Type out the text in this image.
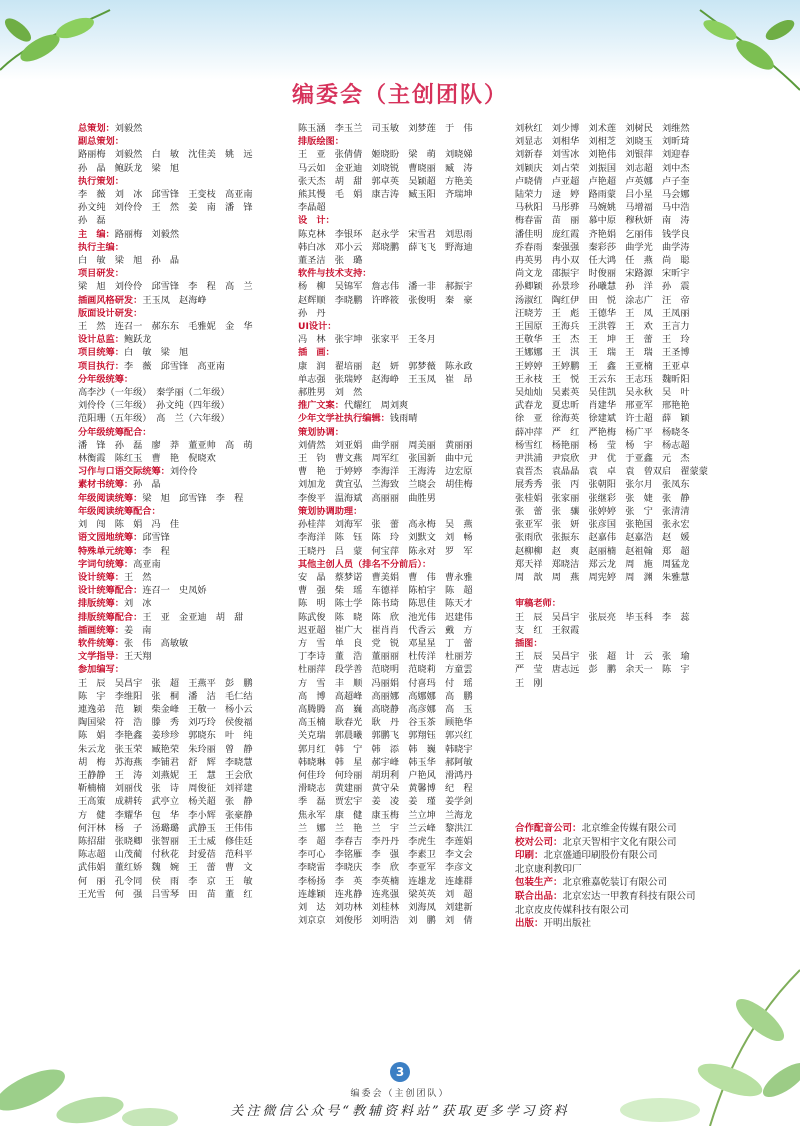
编委会（主创团队）
总策划：刘毅然
副总策划：
路丽梅　刘毅然　白　敏　沈佳美　姚　远
孙　晶　鲍跃龙　梁　旭
执行策划：
李　薇　刘　冰　邱雪锋　王变枝　高亚南
孙文纯　刘伶伶　王　然　姜　南　潘　锋
孙　磊
主　编：路丽梅　刘毅然
执行主编：
白　敏　梁　旭　孙　晶
项目研发：
梁　旭　刘伶伶　邱雪锋　李　程　高　兰
插画风格研发：王玉凤　赵海峥
版面设计研发：
王　然　连召一　郝东东　毛雅妮　金　华
设计总监：鲍跃龙
项目统筹：白　敏　梁　旭
项目执行：李　薇　邱雪锋　高亚南
分年级统筹：
高李沙（一年级）　秦学丽（二年级）
刘伶伶（三年级）　孙文纯（四年级）
范阳珊（五年级）　高　兰（六年级）
分年级统筹配合：
潘　锋　孙　磊　廖　莽　董亚帅　高　萌
林衡霞　陈红玉　曹　艳　倪晓欢
习作与口语交际统筹：刘伶伶
素材书统筹：孙　晶
年级阅读统筹：梁　旭　邱雪锋　李　程
年级阅读统筹配合：
刘　闯　陈　娟　冯　佳
语文园地统筹：邱雪锋
特殊单元统筹：李　程
字词句统筹：高亚南
设计统筹：王　然
设计统筹配合：连召一　史凤娇
排版统筹：刘　冰
排版统筹配合：王　亚　金亚迪　胡　甜
插画统筹：姜　南
软件统筹：张　伟　高敏敏
文学指导：王天翔
参加编写：
王　辰　吴昌宇　张　超　王燕平　彭　鹏
陈　宇　李维阳　张　桐　潘　洁　毛仁结
連逸弟　范　颖　柴金峰　王敬一　杨小云
陶国梁　符　浩　滕　秀　刘巧玲　侯俊福
陈　娟　李艳鑫　姜珍珍　郭晓东　叶　纯
朱云龙　张玉荣　臧艳荣　朱玲丽　曾　静
胡　梅　苏海燕　李铺君　舒　辉　李晓慧
王静静　王　涛　刘燕妮　王　慧　王会欣
靳楠楠　刘丽伐　张　诗　周俊征　刘祥建
王高策　成耕转　武亭立　杨关超　张　静
方　健　李耀华　包　华　李小辉　张豪静
何汗林　杨　子　汤璐璐　武静玉　王伟伟
陈招甜　张晓卿　张智丽　王士威　修佳廷
陈志超　山茂蔺　付秋花　封爱蓓　范科平
武伟娟　董红娇　魏　婉　王　蕾　曹　文
何　丽　孔令同　侯　雨　李　京　王　敏
王光雪　何　强　吕雪琴　田　苗　董　红
陈玉涵　李玉兰　司玉敏　刘梦莲　于　伟
排版绘图：
王　亚　张倩倩　姬晓盼　梁　萌　刘晓娣
马云如　金亚迪　刘晓锐　曹晓丽　臧　涛
张天杰　胡　甜　郭卓英　吴颖超　方艳美
熊其慢　毛　娟　康吉涛　臧玉阳　齐瑞坤
李晶超
设　计：
陈克林　李银环　赵永学　宋雪君　刘思雨
韩白冰　邓小云　郑晓鹏　薛飞飞　野海迪
董圣洁　张　璐
软件与技术支持：
杨　柳　吴锦军　詹志伟　潘一非　郝振宇
赵辉顺　李晓鹏　许晔筱　张俊明　秦　豪
孙　丹
UI设计：
冯　林　张宇坤　张家平　王冬月
插　画：
康　润　翟培丽　赵　妍　郭梦薇　陈永政
单志强　张瑞婷　赵海峥　王玉凤　崔　昂
郝胜男　刘　然
推广文案：代耀红　周刘爽
少年文学社执行编辑：钱雨晴
策划协调：
刘倩然　刘亚娟　曲学丽　周美丽　黄丽丽
王　钧　曹文燕　周军红　张国新　曲中元
曹　艳　于婷婷　李海洋　王海涛　边宏原
刘加龙　黄宜弘　兰海致　兰晓会　胡佳梅
李俊平　温海斌　高丽丽　曲胜男
策划协调助理：
孙桂萍　刘海军　张　蕾　高永梅　吴　燕
李海洋　陈　钰　陈　玲　刘默文　刘　畅
王晓丹　吕　蒙　何宝萍　陈永对　罗　军
其他主创人员（排名不分前后）：
安　晶　蔡梦诺　曹美娟　曹　伟　曹永雅
曹　强　柴　瑶　车德祥　陈柏宇　陈　超
陈　明　陈士学　陈书琦　陈思佳　陈天才
陈武俊　陈　晓　陈　欣　池光伟　迟建伟
迟亚超　崔广大　崔肖肖　代香云　戴　方
方　雪　单　良　党　锐　邓星星　丁　蕾
丁李诗　董　浩　董丽丽　杜传洋　杜丽芳
杜丽萍　段学善　范晓明　范晓莉　方童雲
方　雪　丰　顺　冯丽娟　付喜玛　付　瑶
高　博　高超峰　高丽娜　高娜娜　高　鹏
高腾腾　高　巍　高晓静　高彦娜　高　玉
高玉楠　耿春光　耿　丹　谷玉茶　顾艳华
关克瑞　郭晨曦　郭鹏飞　郭翔钰　郭兴红
郭月红　韩　宁　韩　添　韩　巍　韩晓宇
韩晓琳　韩　星　郝宇峰　韩玉华　郝阿敏
何佳玲　何玲丽　胡玥利　户艳风　滑鸿丹
滑晓志　黄建丽　黄守朵　黄馨博　纪　程
季　磊　贾宏宇　姜　凌　姜　瑾　姜学剑
焦永军　康　健　康玉梅　兰立坤　兰海龙
兰　娜　兰　艳　兰　宇　兰云峰　黎洪江
李　超　李春吉　李丹丹　李虎生　李莲娟
李可心　李铭雁　李　强　李素卫　李文会
李晓雷　李晓庆　李　欣　李亚军　李彦文
李杨扬　李　英　李英楠　连雄龙　连雄群
连雄颖　连兆静　连兆强　梁英英　刘　超
刘　达　刘功林　刘桂林　刘海凤　刘建新
刘京京　刘俊彤　刘明浩　刘　鹏　刘　倩
刘秋红　刘少博　刘术莲　刘树民　刘维然
刘显志　刘相华　刘相芝　刘晓玉　刘昕琦
刘新春　刘雪冰　刘艳伟　刘银萍　刘迎春
刘颖庆　刘占荣　刘振国　刘志超　刘中杰
卢晓倩　卢亚超　卢艳超　卢英娜　卢子奎
陆荣力　逯　婷　路雨蒙　吕小星　马会娜
马秋阳　马彤骅　马婉姚　马增福　马中浩
梅春雷　苗　丽　慕中原　穆秋妍　南　涛
潘佳明　庞红霞　齐艳娟　乞丽伟　钱学良
乔春雨　秦强强　秦彩莎　曲学光　曲学涛
冉英男　冉小双　任大鸿　任　燕　尚　聪
尚文龙　邵振宇　时俊丽　宋路源　宋昕宇
孙卿颖　孙景珍　孙曦慧　孙　洋　孙　震
汤淑红　陶红伊　田　悦　涂志广　汪　帝
汪晓芳　王　彪　王德华　王　凤　王凤丽
王国原　王海兵　王洪蓉　王　欢　王言力
王敬华　王　杰　王　坤　王　蕾　王　玲
王娜娜　王　淇　王　瑞　王　瑞　王圣博
王婷婷　王婷鹏　王　鑫　王亚楠　王亚卓
王永枝　王　悦　王云东　王志珏　魏昕阳
吴灿灿　吴素英　吴佳凯　吴永秋　吴　叶
武春龙　夏忠昕　肖建华　邢亚军　邢艳艳
徐　亚　徐海英　徐建斌　许士超　薛　颖
薛冲萍　严　红　严艳梅　杨广平　杨晓冬
杨雪红　杨艳丽　杨　莹　杨　宇　杨志超
尹洪浦　尹宸欣　尹　优　于亚鑫　元　杰
袁晋杰　袁晶晶　袁　卓　袁　曾双启　翟蒙蒙
展秀秀　张　丙　张朝阳　张尔月　张凤东
张桂娟　张家丽　张继彩　张　婕　张　静
张　蕾　张　骧　张婷婷　张　宁　张清清
张亚军　张　妍　张彦国　张艳国　张永宏
张雨欣　张振东　赵嘉伟　赵嘉浩　赵　媛
赵柳柳　赵　爽　赵丽楠　赵祖翰　郑　超
郑天祥　郑晓洁　郑云龙　周　施　周猛龙
周　歆　周　燕　周宪婷　周　渊　朱雅慧

审稿老师：
王　辰　吴昌宇　张辰亮　毕玉科　李　蕊
支　红　王叙霞
插图：
王　辰　吴昌宇　张　超　计　云　张　瑜
严　莹　唐志远　彭　鹏　余天一　陈　宇
王　刚
合作配音公司：北京维金传媒有限公司
校对公司：北京天智相宇文化有限公司
印刷：北京盛通印刷股份有限公司
北京康利教印厂
包装生产：北京雅嘉乾装订有限公司
联合出品：北京宏达一甲教育科技有限公司
北京皮皮传媒科技有限公司
出版：开明出版社
3
编委会（主创团队）
关注微信公众号“教辅资料站”获取更多学习资料
